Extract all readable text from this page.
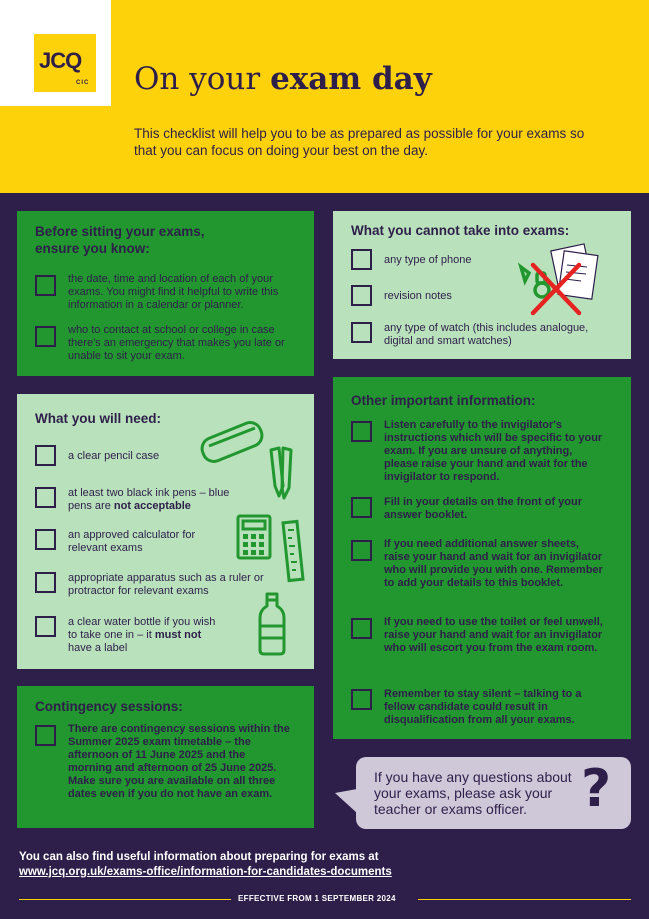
JCQ
CIC On your exam day
This checklist will help you to be as prepared as possible for your exams so that you can focus on doing your best on the day.
Before sitting your exams, ensure you know:
the date, time and location of each of your exams. You might find it helpful to write this information in a calendar or planner.
who to contact at school or college in case there's an emergency that makes you late or unable to sit your exam.
What you cannot take into exams:
any type of phone
revision notes
any type of watch (this includes analogue, digital and smart watches)
What you will need:
a clear pencil case
at least two black ink pens – blue pens are not acceptable
an approved calculator for relevant exams
appropriate apparatus such as a ruler or protractor for relevant exams
a clear water bottle if you wish to take one in – it must not have a label
Other important information:
Listen carefully to the invigilator's instructions which will be specific to your exam. If you are unsure of anything, please raise your hand and wait for the invigilator to respond.
Fill in your details on the front of your answer booklet.
If you need additional answer sheets, raise your hand and wait for an invigilator who will provide you with one. Remember to add your details to this booklet.
If you need to use the toilet or feel unwell, raise your hand and wait for an invigilator who will escort you from the exam room.
Remember to stay silent – talking to a fellow candidate could result in disqualification from all your exams.
Contingency sessions:
There are contingency sessions within the Summer 2025 exam timetable – the afternoon of 11 June 2025 and the morning and afternoon of 25 June 2025. Make sure you are available on all three dates even if you do not have an exam.
If you have any questions about your exams, please ask your teacher or exams officer.	?
You can also find useful information about preparing for exams at
www.jcq.org.uk/exams-office/information-for-candidates-documents
EFFECTIVE FROM 1 SEPTEMBER 2024
